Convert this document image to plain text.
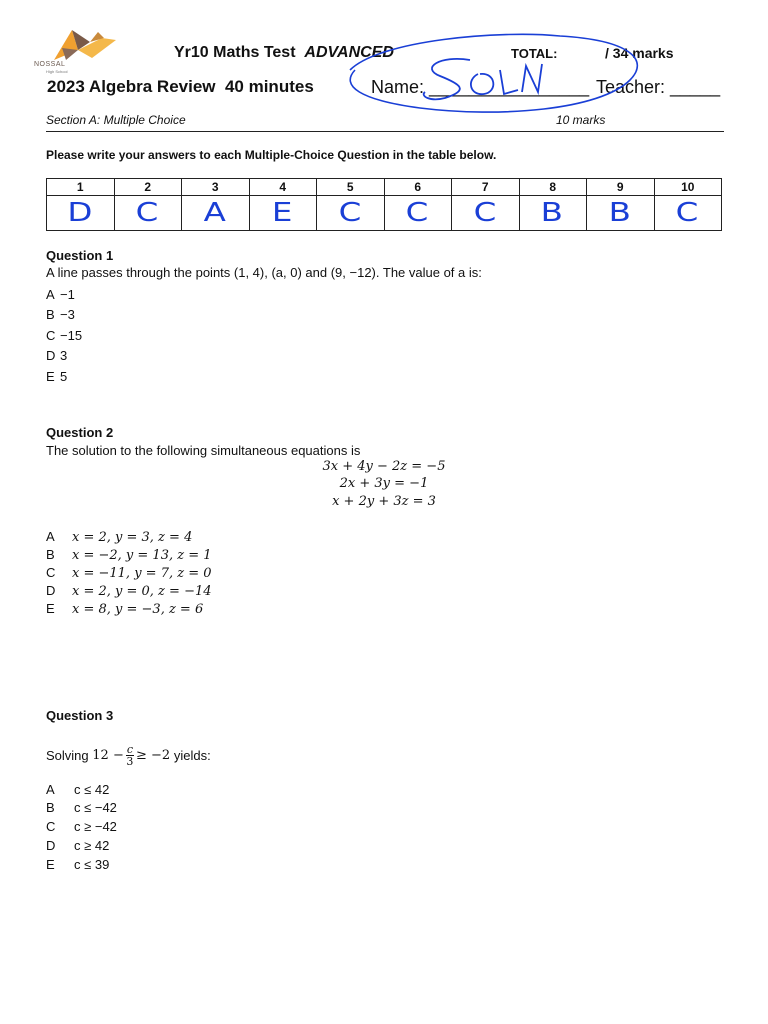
NOSSAL
High School
Yr10 Maths Test ADVANCED	TOTAL:	/ 34 marks
2023 Algebra Review  40 minutes	Name: ________________ Teacher: _____
Section A: Multiple Choice	10 marks
Please write your answers to each Multiple-Choice Question in the table below.
1	2	3	4	5	6	7	8	9	10
D	C	A	E	C	C	C	B	B	C
Question 1
A line passes through the points (1, 4), (a, 0) and (9, −12). The value of a is:
A −1
B −3
C −15
D 3
E 5
Question 2
The solution to the following simultaneous equations is
3x + 4y − 2z = −5
2x + 3y = −1
x + 2y + 3z = 3
A x = 2, y = 3, z = 4
B x = −2, y = 13, z = 1
C x = −11, y = 7, z = 0
D x = 2, y = 0, z = −14
E x = 8, y = −3, z = 6
Question 3
Solving
$12 - \frac{c}{3} \ge -2$
yields:
A c ≤ 42
B c ≤ −42
C c ≥ −42
D c ≥ 42
E c ≤ 39
